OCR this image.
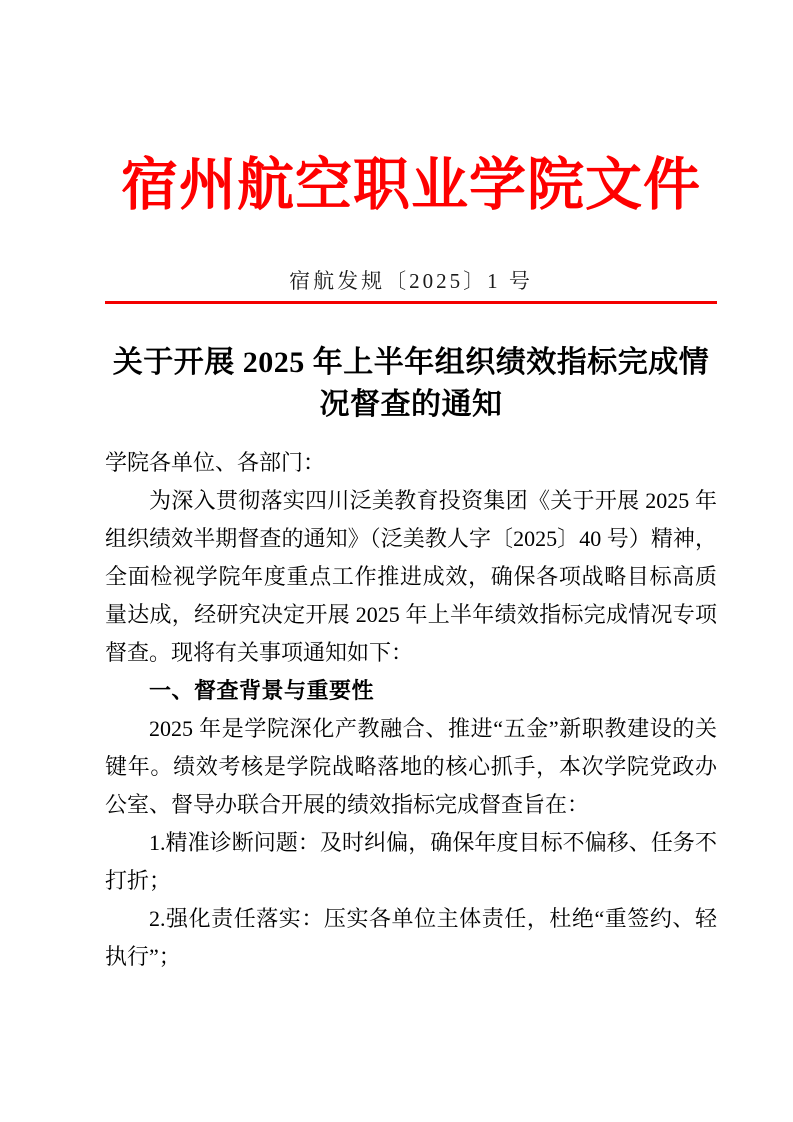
宿州航空职业学院文件
宿航发规〔2025〕1 号
关于开展 2025 年上半年组织绩效指标完成情
况督查的通知

学院各单位、各部门：

为深入贯彻落实四川泛美教育投资集团《关于开展 2025 年组织绩效半期督查的通知》（泛美教人字〔2025〕40 号）精神，全面检视学院年度重点工作推进成效，确保各项战略目标高质量达成，经研究决定开展 2025 年上半年绩效指标完成情况专项督查。现将有关事项通知如下：

一、督查背景与重要性

2025 年是学院深化产教融合、推进“五金”新职教建设的关键年。绩效考核是学院战略落地的核心抓手，本次学院党政办公室、督导办联合开展的绩效指标完成督查旨在：

1.精准诊断问题：及时纠偏，确保年度目标不偏移、任务不打折；

2.强化责任落实：压实各单位主体责任，杜绝“重签约、轻执行”；
